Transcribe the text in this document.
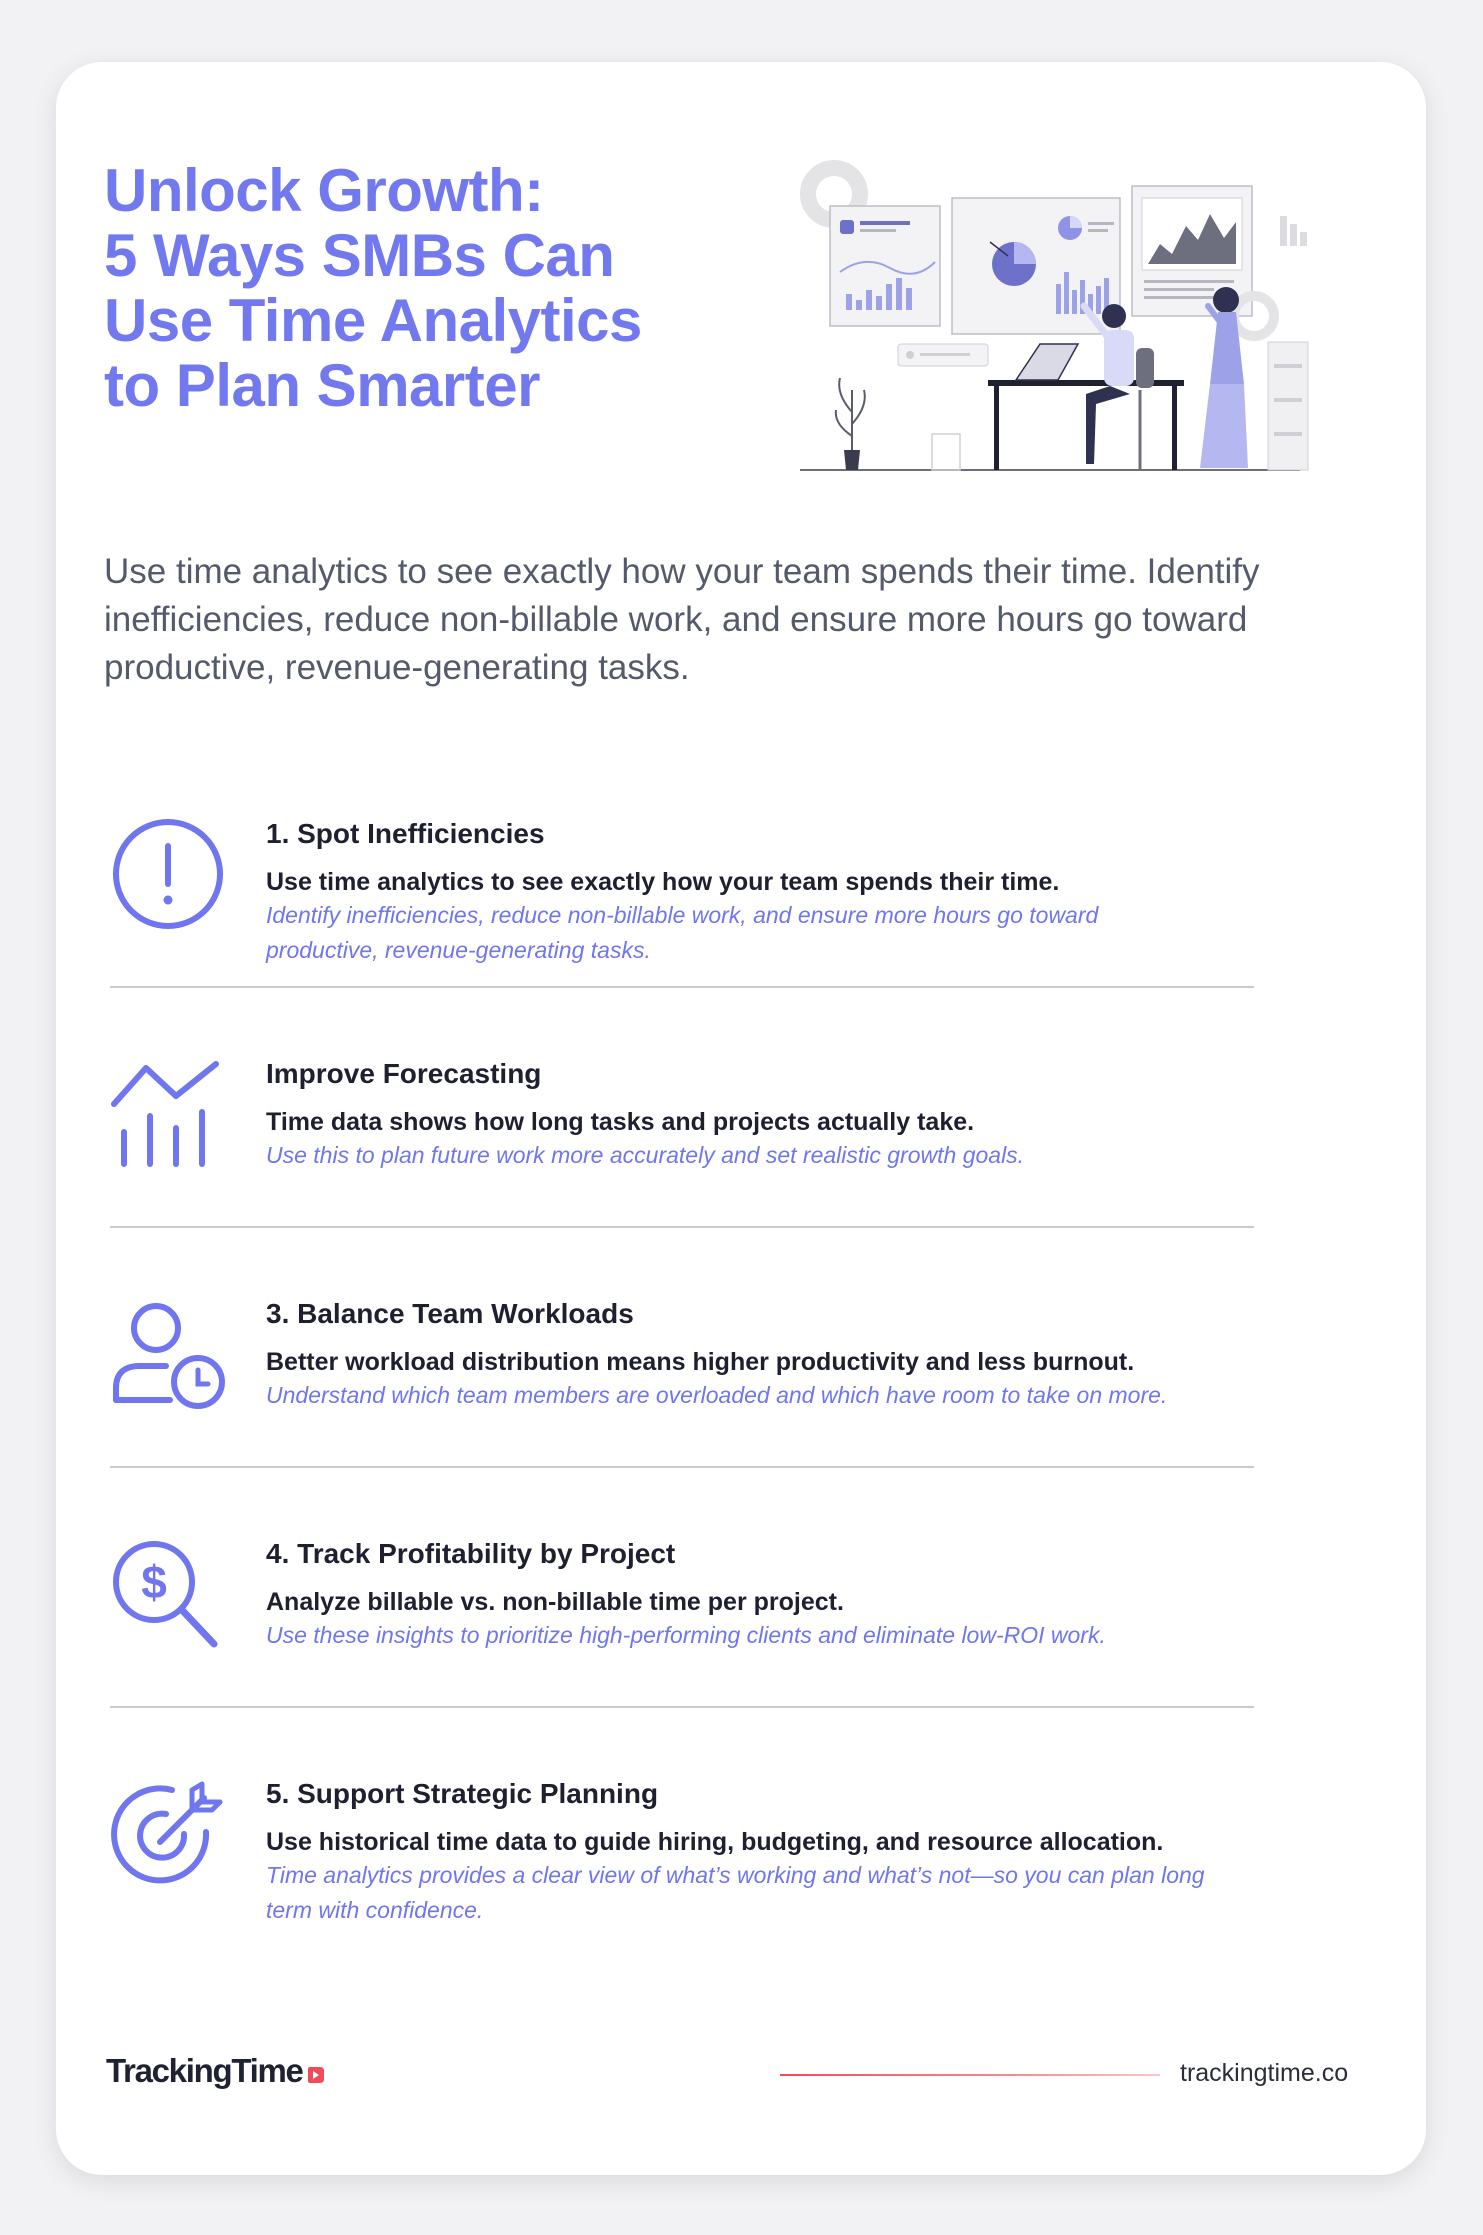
Unlock Growth:
5 Ways SMBs Can
Use Time Analytics
to Plan Smarter

Use time analytics to see exactly how your team spends their time. Identify inefficiencies, reduce non-billable work, and ensure more hours go toward productive, revenue-generating tasks.

1. Spot Inefficiencies

Use time analytics to see exactly how your team spends their time.

Identify inefficiencies, reduce non-billable work, and ensure more hours go toward productive, revenue-generating tasks.

Improve Forecasting

Time data shows how long tasks and projects actually take.

Use this to plan future work more accurately and set realistic growth goals.

3. Balance Team Workloads

Better workload distribution means higher productivity and less burnout.

Understand which team members are overloaded and which have room to take on more.

$
4. Track Profitability by Project

Analyze billable vs. non-billable time per project.

Use these insights to prioritize high-performing clients and eliminate low-ROI work.

5. Support Strategic Planning

Use historical time data to guide hiring, budgeting, and resource allocation.

Time analytics provides a clear view of what’s working and what’s not—so you can plan long term with confidence.

TrackingTime	trackingtime.co
